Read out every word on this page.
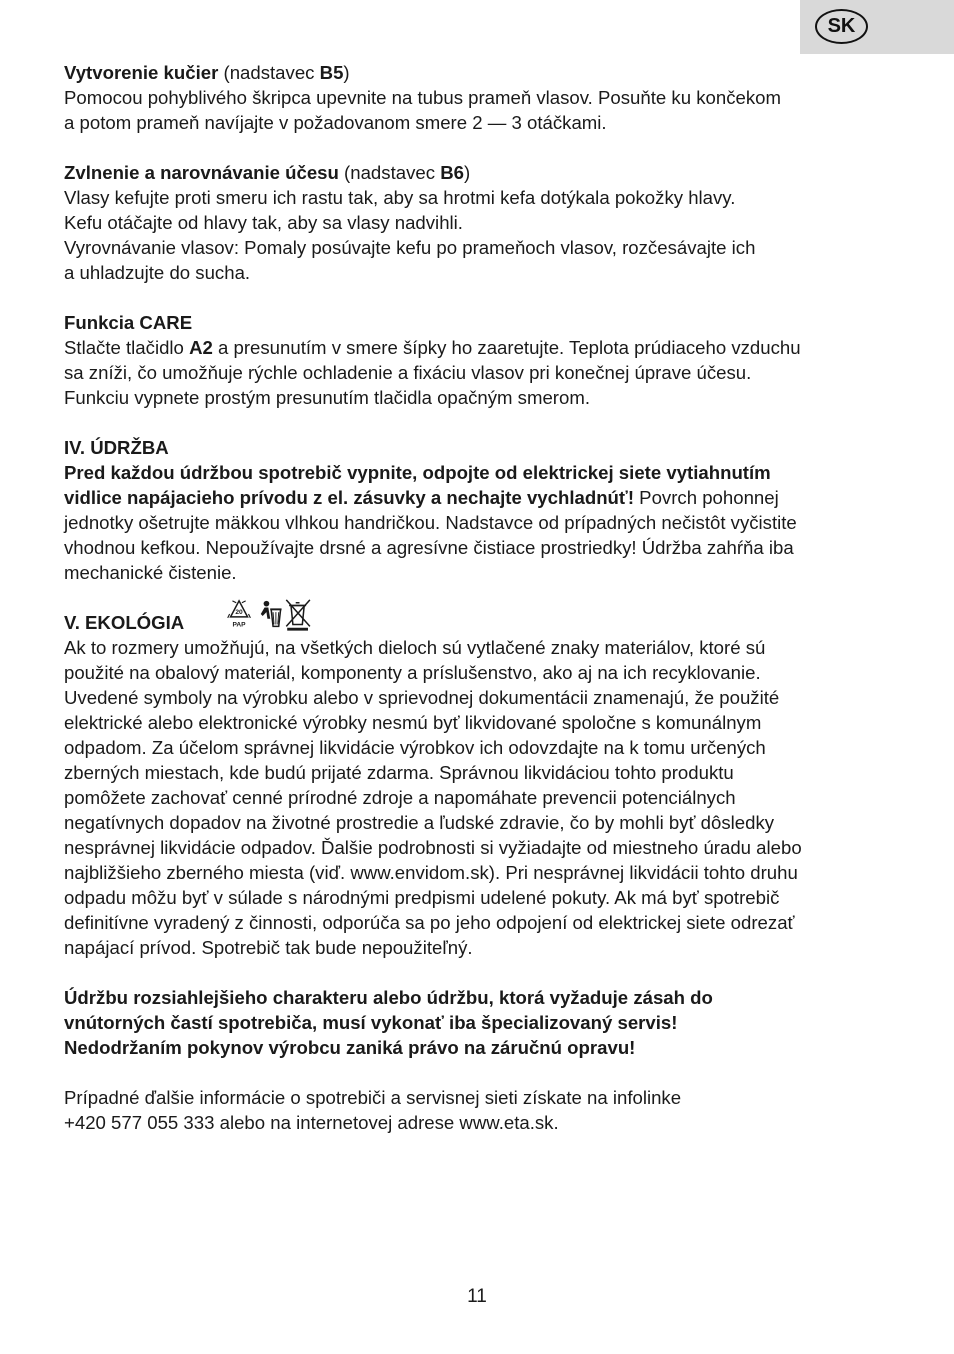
SK
Vytvorenie kučier (nadstavec B5)
Pomocou pohyblivého škripca upevnite na tubus prameň vlasov. Posuňte ku končekom
a potom prameň navíjajte v požadovanom smere 2 — 3 otáčkami.
Zvlnenie a narovnávanie účesu (nadstavec B6)
Vlasy kefujte proti smeru ich rastu tak, aby sa hrotmi kefa dotýkala pokožky hlavy.
Kefu otáčajte od hlavy tak, aby sa vlasy nadvihli.
Vyrovnávanie vlasov: Pomaly posúvajte kefu po prameňoch vlasov, rozčesávajte ich
a uhladzujte do sucha.
Funkcia CARE
Stlačte tlačidlo A2 a presunutím v smere šípky ho zaaretujte. Teplota prúdiaceho vzduchu
sa zníži, čo umožňuje rýchle ochladenie a fixáciu vlasov pri konečnej úprave účesu.
Funkciu vypnete prostým presunutím tlačidla opačným smerom.
IV. ÚDRŽBA
Pred každou údržbou spotrebič vypnite, odpojte od elektrickej siete vytiahnutím
vidlice napájacieho prívodu z el. zásuvky a nechajte vychladnúť! Povrch pohonnej
jednotky ošetrujte mäkkou vlhkou handričkou. Nadstavce od prípadných nečistôt vyčistite
vhodnou kefkou. Nepoužívajte drsné a agresívne čistiace prostriedky! Údržba zahŕňa iba
mechanické čistenie.
V. EKOLÓGIA	20
PAP
Ak to rozmery umožňujú, na všetkých dieloch sú vytlačené znaky materiálov, ktoré sú
použité na obalový materiál, komponenty a príslušenstvo, ako aj na ich recyklovanie.
Uvedené symboly na výrobku alebo v sprievodnej dokumentácii znamenajú, že použité
elektrické alebo elektronické výrobky nesmú byť likvidované spoločne s komunálnym
odpadom. Za účelom správnej likvidácie výrobkov ich odovzdajte na k tomu určených
zberných miestach, kde budú prijaté zdarma. Správnou likvidáciou tohto produktu
pomôžete zachovať cenné prírodné zdroje a napomáhate prevencii potenciálnych
negatívnych dopadov na životné prostredie a ľudské zdravie, čo by mohli byť dôsledky
nesprávnej likvidácie odpadov. Ďalšie podrobnosti si vyžiadajte od miestneho úradu alebo
najbližšieho zberného miesta (viď. www.envidom.sk). Pri nesprávnej likvidácii tohto druhu
odpadu môžu byť v súlade s národnými predpismi udelené pokuty. Ak má byť spotrebič
definitívne vyradený z činnosti, odporúča sa po jeho odpojení od elektrickej siete odrezať
napájací prívod. Spotrebič tak bude nepoužiteľný.
Údržbu rozsiahlejšieho charakteru alebo údržbu, ktorá vyžaduje zásah do
vnútorných častí spotrebiča, musí vykonať iba špecializovaný servis!
Nedodržaním pokynov výrobcu zaniká právo na záručnú opravu!
Prípadné ďalšie informácie o spotrebiči a servisnej sieti získate na infolinke
+420 577 055 333 alebo na internetovej adrese www.eta.sk.
11
